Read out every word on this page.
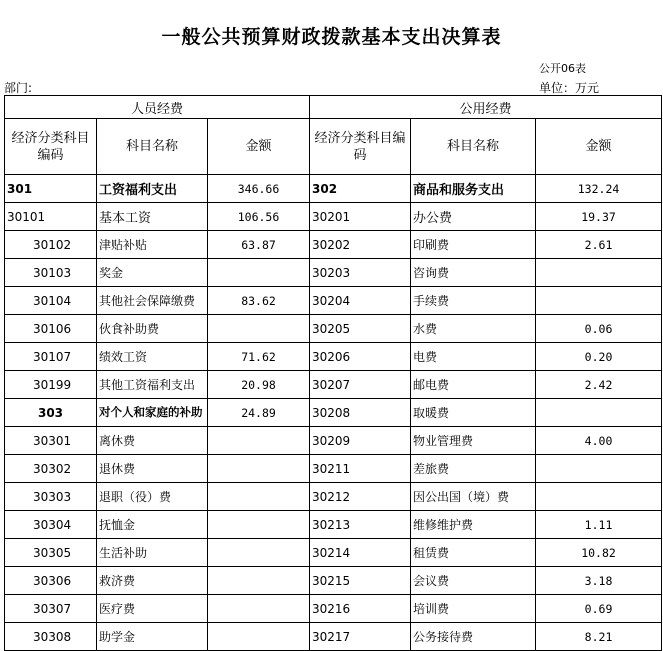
一般公共预算财政拨款基本支出决算表
公开06表
部门:	单位：万元
人员经费			公用经费		
经济分类科目编码	科目名称	金额	经济分类科目编码	科目名称	金额
301	工资福利支出	346.66	302	商品和服务支出	132.24
30101	基本工资	106.56	30201	办公费	19.37
30102	津贴补贴	63.87	30202	印刷费	2.61
30103	奖金		30203	咨询费	
30104	其他社会保障缴费	83.62	30204	手续费	
30106	伙食补助费		30205	水费	0.06
30107	绩效工资	71.62	30206	电费	0.20
30199	其他工资福利支出	20.98	30207	邮电费	2.42
303	对个人和家庭的补助	24.89	30208	取暖费	
30301	离休费		30209	物业管理费	4.00
30302	退休费		30211	差旅费	
30303	退职（役）费		30212	因公出国（境）费	
30304	抚恤金		30213	维修维护费	1.11
30305	生活补助		30214	租赁费	10.82
30306	救济费		30215	会议费	3.18
30307	医疗费		30216	培训费	0.69
30308	助学金		30217	公务接待费	8.21
